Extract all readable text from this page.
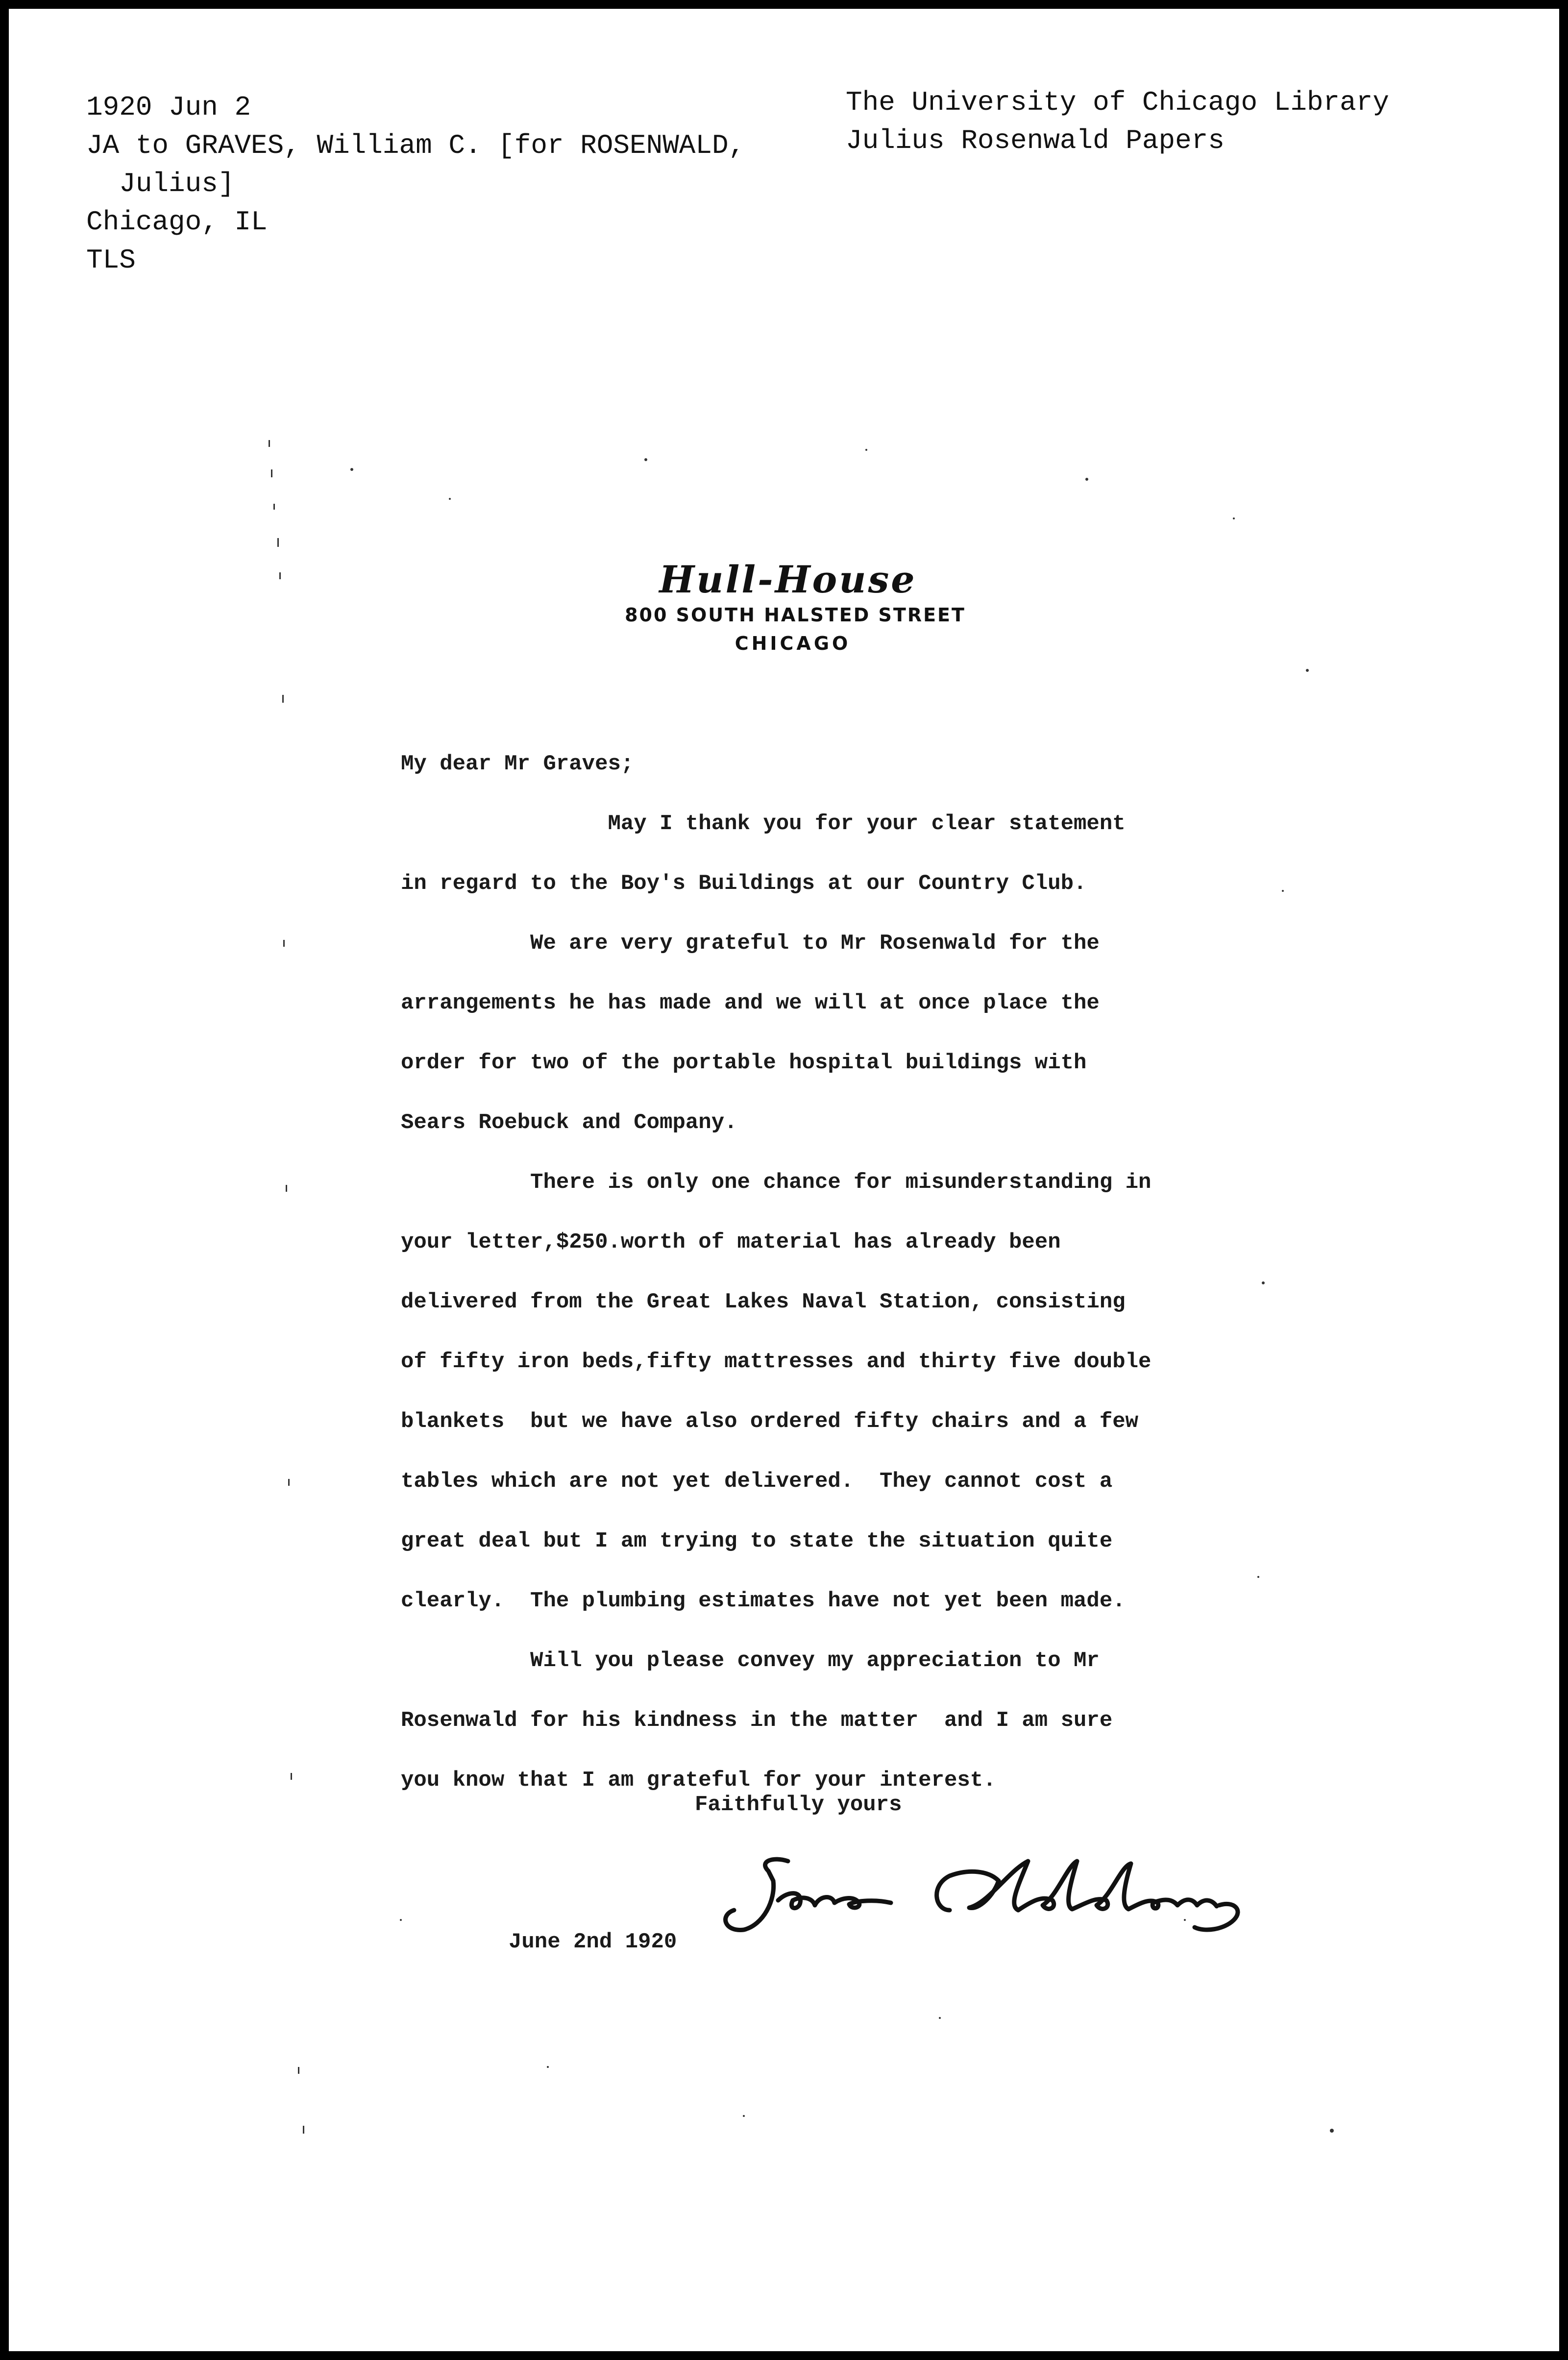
1920 Jun 2
JA to GRAVES, William C. [for ROSENWALD,
Julius]
Chicago, IL
TLS
The University of Chicago Library
Julius Rosenwald Papers
Hull-House
800 SOUTH HALSTED STREET
CHICAGO
My dear Mr Graves;
May I thank you for your clear statement
in regard to the Boy's Buildings at our Country Club.
We are very grateful to Mr Rosenwald for the
arrangements he has made and we will at once place the
order for two of the portable hospital buildings with
Sears Roebuck and Company.
There is only one chance for misunderstanding in
your letter,$250.worth of material has already been
delivered from the Great Lakes Naval Station, consisting
of fifty iron beds,fifty mattresses and thirty five double
blankets  but we have also ordered fifty chairs and a few
tables which are not yet delivered.  They cannot cost a
great deal but I am trying to state the situation quite
clearly.  The plumbing estimates have not yet been made.
Will you please convey my appreciation to Mr
Rosenwald for his kindness in the matter  and I am sure
you know that I am grateful for your interest.
Faithfully yours
June 2nd 1920
